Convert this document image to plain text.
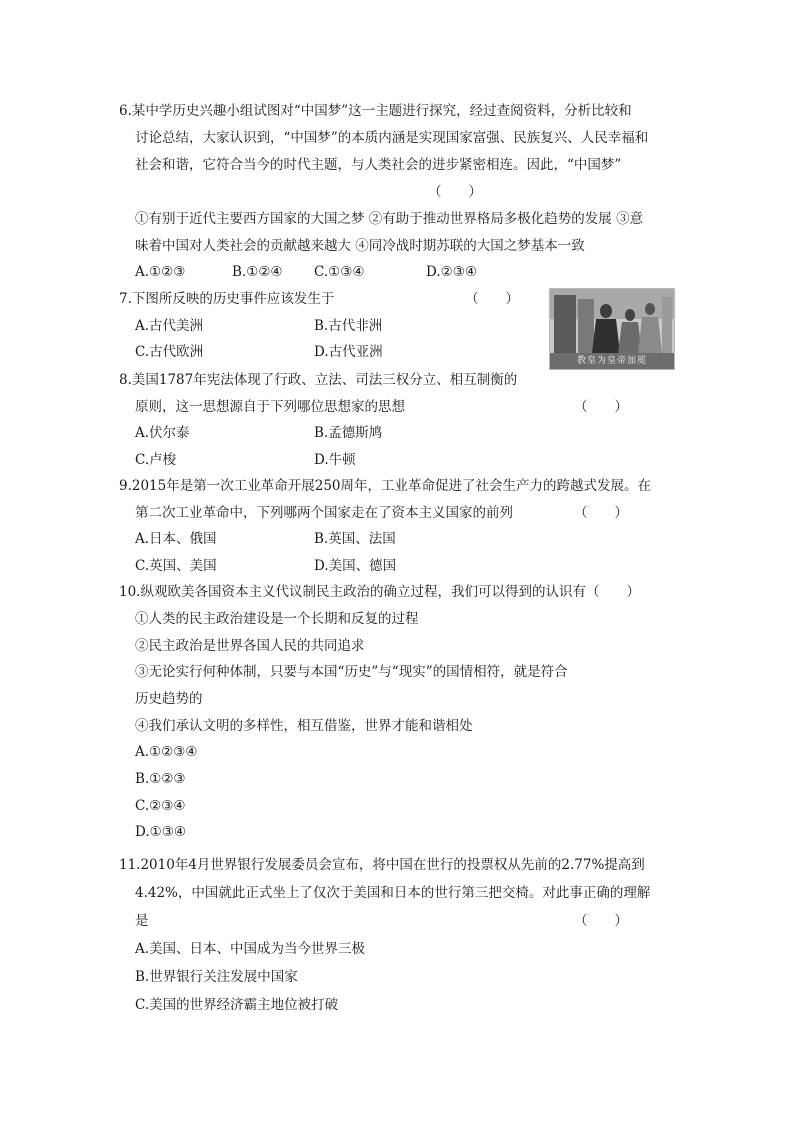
6.某中学历史兴趣小组试图对“中国梦”这一主题进行探究，经过查阅资料，分析比较和
讨论总结，大家认识到，“中国梦”的本质内涵是实现国家富强、民族复兴、人民幸福和
社会和谐，它符合当今的时代主题，与人类社会的进步紧密相连。因此，“中国梦”
（　　）
①有别于近代主要西方国家的大国之梦 ②有助于推动世界格局多极化趋势的发展 ③意
味着中国对人类社会的贡献越来越大 ④同冷战时期苏联的大国之梦基本一致
A.①②③	B.①②④ C.①③④	D.②③④
7.下图所反映的历史事件应该发生于	（　　）
A.古代美洲	B.古代非洲
C.古代欧洲	D.古代亚洲
教皇为皇帝加冕
8.美国1787年宪法体现了行政、立法、司法三权分立、相互制衡的
原则，这一思想源自于下列哪位思想家的思想	（　　）
A.伏尔泰	B.孟德斯鸠
C.卢梭	D.牛顿
9.2015年是第一次工业革命开展250周年，工业革命促进了社会生产力的跨越式发展。在
第二次工业革命中，下列哪两个国家走在了资本主义国家的前列	（　　）
A.日本、俄国	B.英国、法国
C.英国、美国	D.美国、德国
10.纵观欧美各国资本主义代议制民主政治的确立过程，我们可以得到的认识有（　　）
①人类的民主政治建设是一个长期和反复的过程
②民主政治是世界各国人民的共同追求
③无论实行何种体制，只要与本国“历史”与“现实”的国情相符，就是符合
历史趋势的
④我们承认文明的多样性，相互借鉴，世界才能和谐相处
A.①②③④
B.①②③
C.②③④
D.①③④
11.2010年4月世界银行发展委员会宣布，将中国在世行的投票权从先前的2.77%提高到
4.42%，中国就此正式坐上了仅次于美国和日本的世行第三把交椅。对此事正确的理解
是	（　　）
A.美国、日本、中国成为当今世界三极
B.世界银行关注发展中国家
C.美国的世界经济霸主地位被打破
